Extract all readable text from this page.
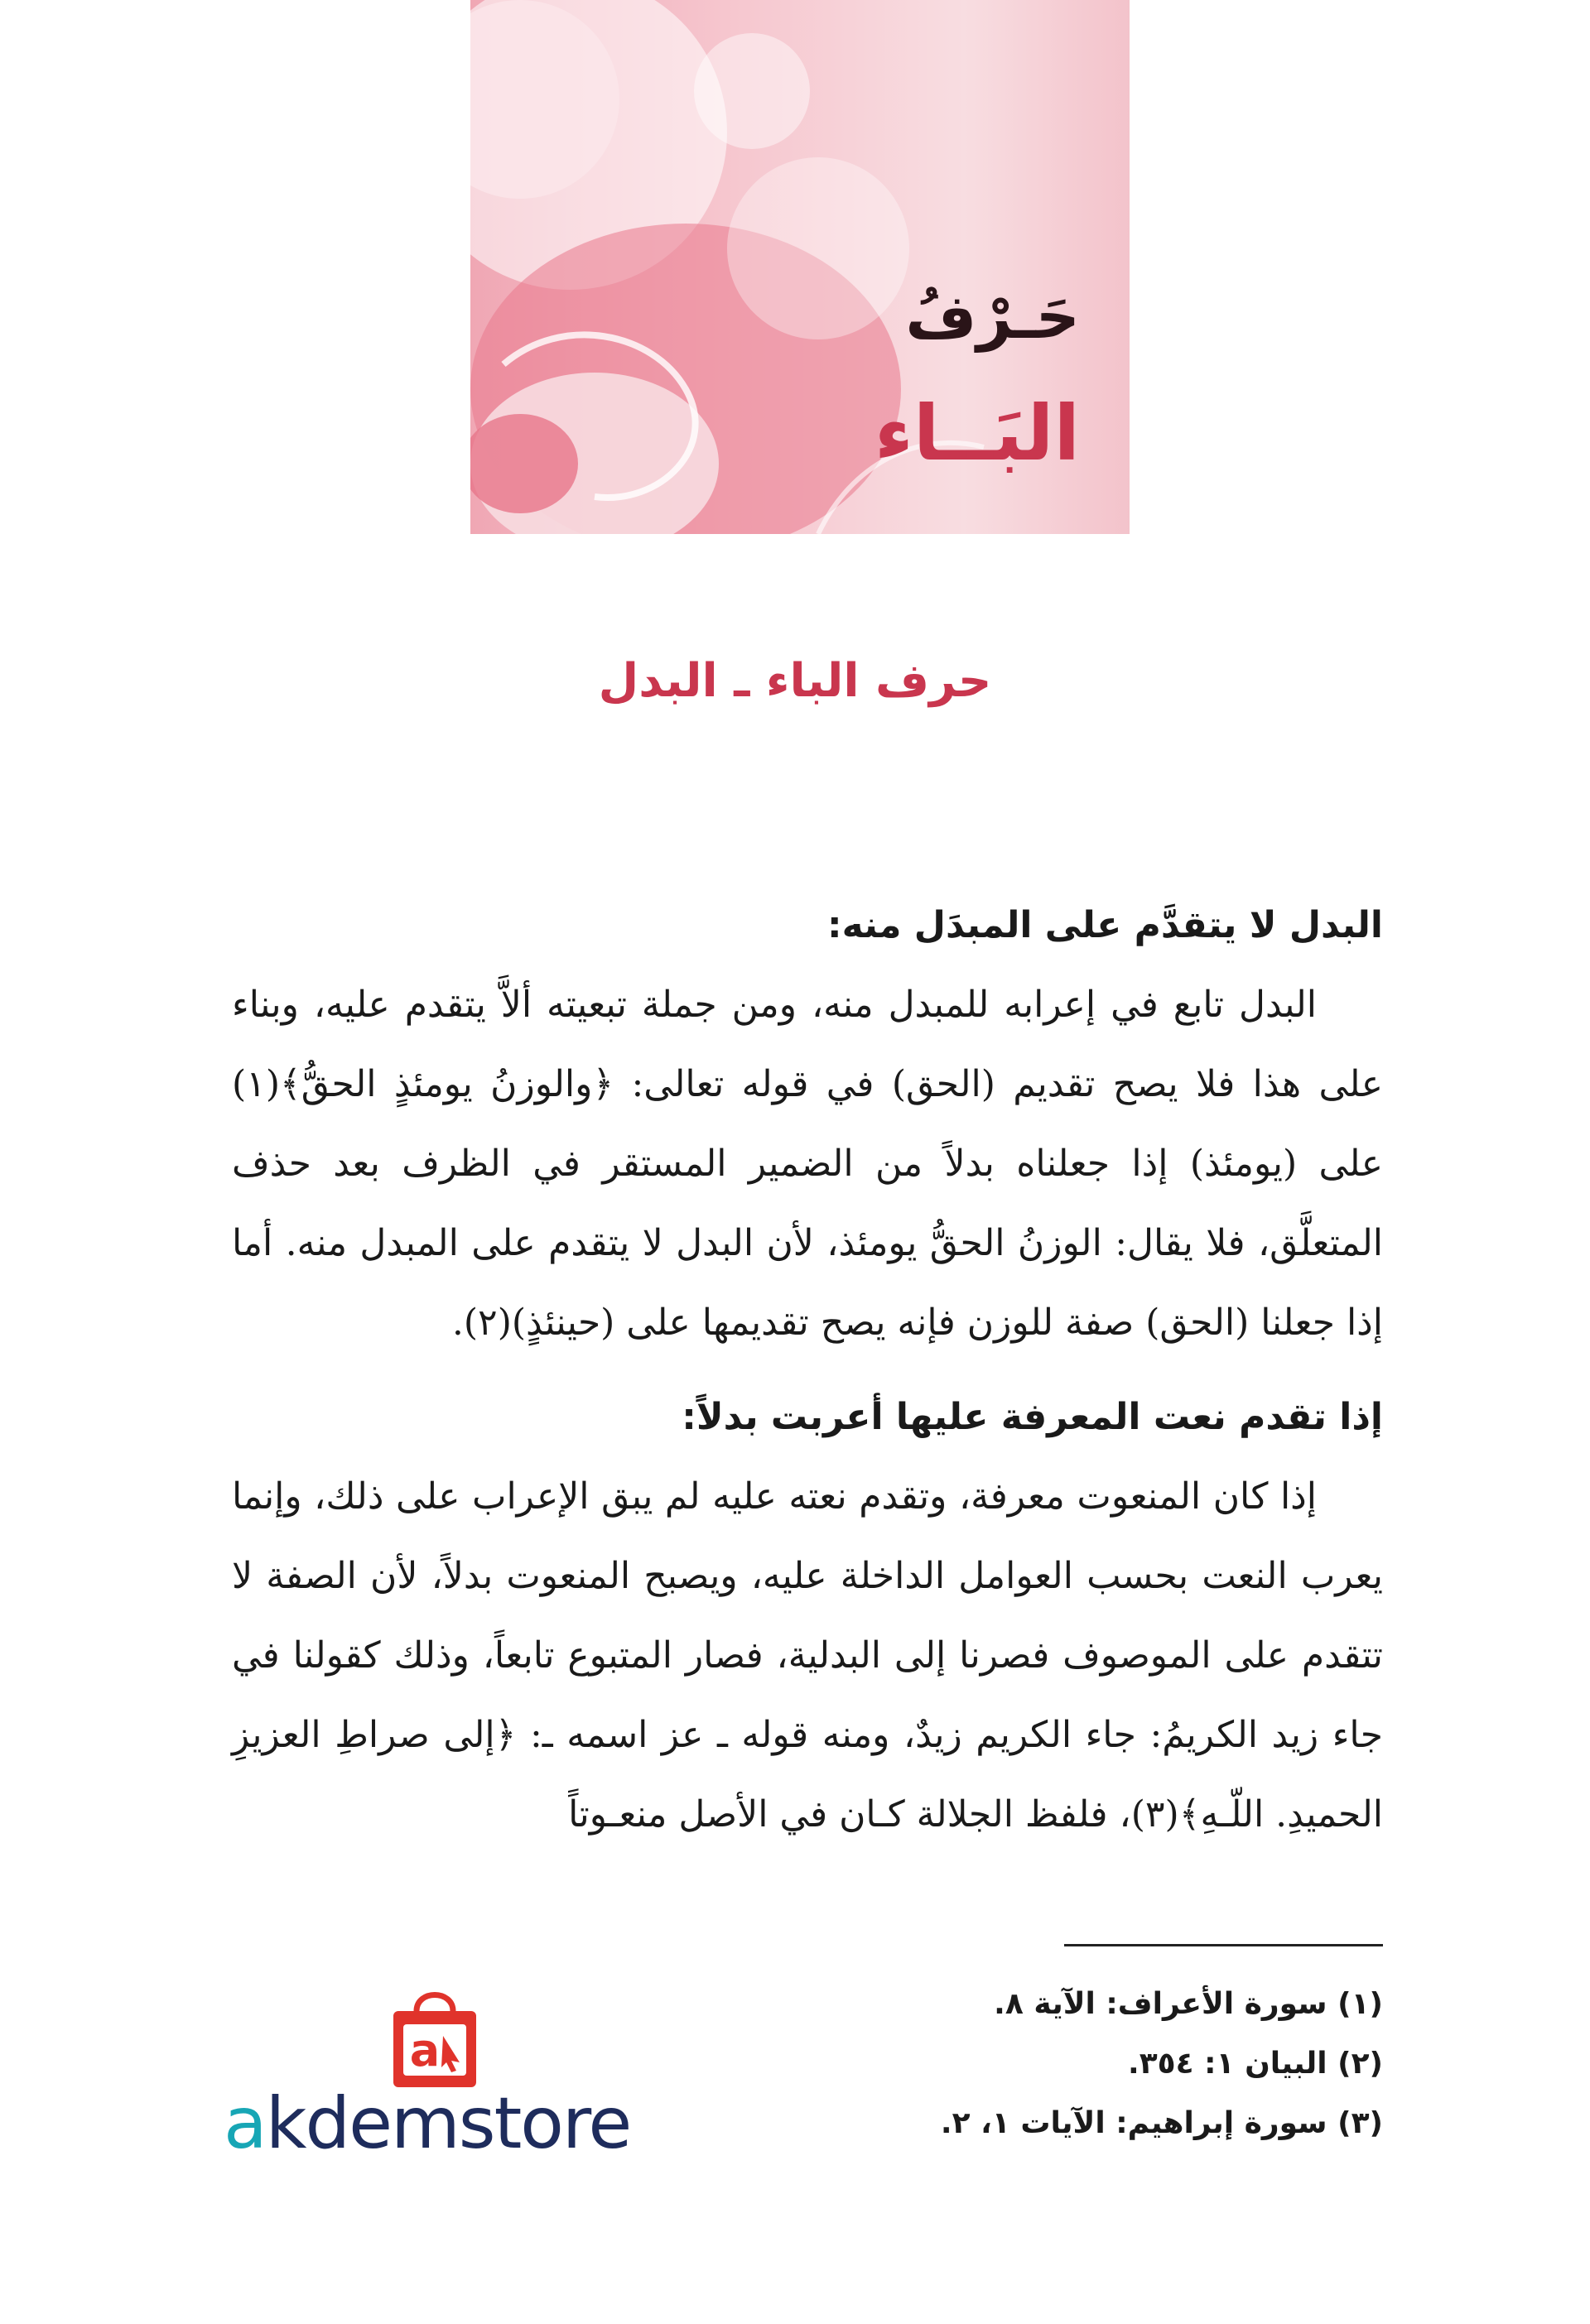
حَـرْفُ
البَــاء
حرف الباء ـ البدل

البدل لا يتقدَّم على المبدَل منه:

البدل تابع في إعرابه للمبدل منه، ومن جملة تبعيته ألاَّ يتقدم عليه، وبناء على هذا فلا يصح تقديم (الحق) في قوله تعالى: ﴿والوزنُ يومئذٍ الحقُّ﴾(١) على (يومئذ) إذا جعلناه بدلاً من الضمير المستقر في الظرف بعد حذف المتعلَّق، فلا يقال: الوزنُ الحقُّ يومئذ، لأن البدل لا يتقدم على المبدل منه. أما إذا جعلنا (الحق) صفة للوزن فإنه يصح تقديمها على (حينئذٍ)(٢).

إذا تقدم نعت المعرفة عليها أعربت بدلاً:

إذا كان المنعوت معرفة، وتقدم نعته عليه لم يبق الإعراب على ذلك، وإنما يعرب النعت بحسب العوامل الداخلة عليه، ويصبح المنعوت بدلاً، لأن الصفة لا تتقدم على الموصوف فصرنا إلى البدلية، فصار المتبوع تابعاً، وذلك كقولنا في جاء زيد الكريمُ: جاء الكريم زيدٌ، ومنه قوله ـ عز اسمه ـ: ﴿إلى صراطِ العزيزِ الحميدِ. اللّـهِ﴾(٣)، فلفظ الجلالة كـان في الأصل منعـوتاً

(١) سورة الأعراف: الآية ٨.
(٢) البيان ١: ٣٥٤.
(٣) سورة إبراهيم: الآيات ١، ٢.
a
akdemstore
